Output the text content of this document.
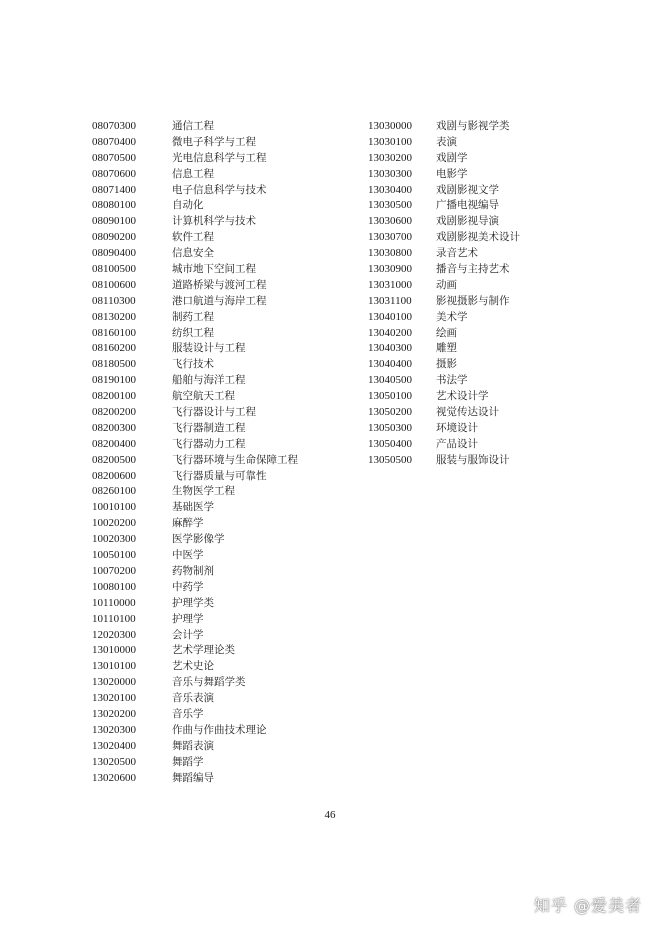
08070300	通信工程
08070400	微电子科学与工程
08070500	光电信息科学与工程
08070600	信息工程
08071400	电子信息科学与技术
08080100	自动化
08090100	计算机科学与技术
08090200	软件工程
08090400	信息安全
08100500	城市地下空间工程
08100600	道路桥梁与渡河工程
08110300	港口航道与海岸工程
08130200	制药工程
08160100	纺织工程
08160200	服装设计与工程
08180500	飞行技术
08190100	船舶与海洋工程
08200100	航空航天工程
08200200	飞行器设计与工程
08200300	飞行器制造工程
08200400	飞行器动力工程
08200500	飞行器环境与生命保障工程
08200600	飞行器质量与可靠性
08260100	生物医学工程
10010100	基础医学
10020200	麻醉学
10020300	医学影像学
10050100	中医学
10070200	药物制剂
10080100	中药学
10110000	护理学类
10110100	护理学
12020300	会计学
13010000	艺术学理论类
13010100	艺术史论
13020000	音乐与舞蹈学类
13020100	音乐表演
13020200	音乐学
13020300	作曲与作曲技术理论
13020400	舞蹈表演
13020500	舞蹈学
13020600	舞蹈编导
13030000 戏剧与影视学类
13030100 表演
13030200 戏剧学
13030300 电影学
13030400 戏剧影视文学
13030500 广播电视编导
13030600 戏剧影视导演
13030700 戏剧影视美术设计
13030800 录音艺术
13030900 播音与主持艺术
13031000 动画
13031100 影视摄影与制作
13040100 美术学
13040200 绘画
13040300 雕塑
13040400 摄影
13040500 书法学
13050100 艺术设计学
13050200 视觉传达设计
13050300 环境设计
13050400 产品设计
13050500 服装与服饰设计
46
知乎 @爱美者
